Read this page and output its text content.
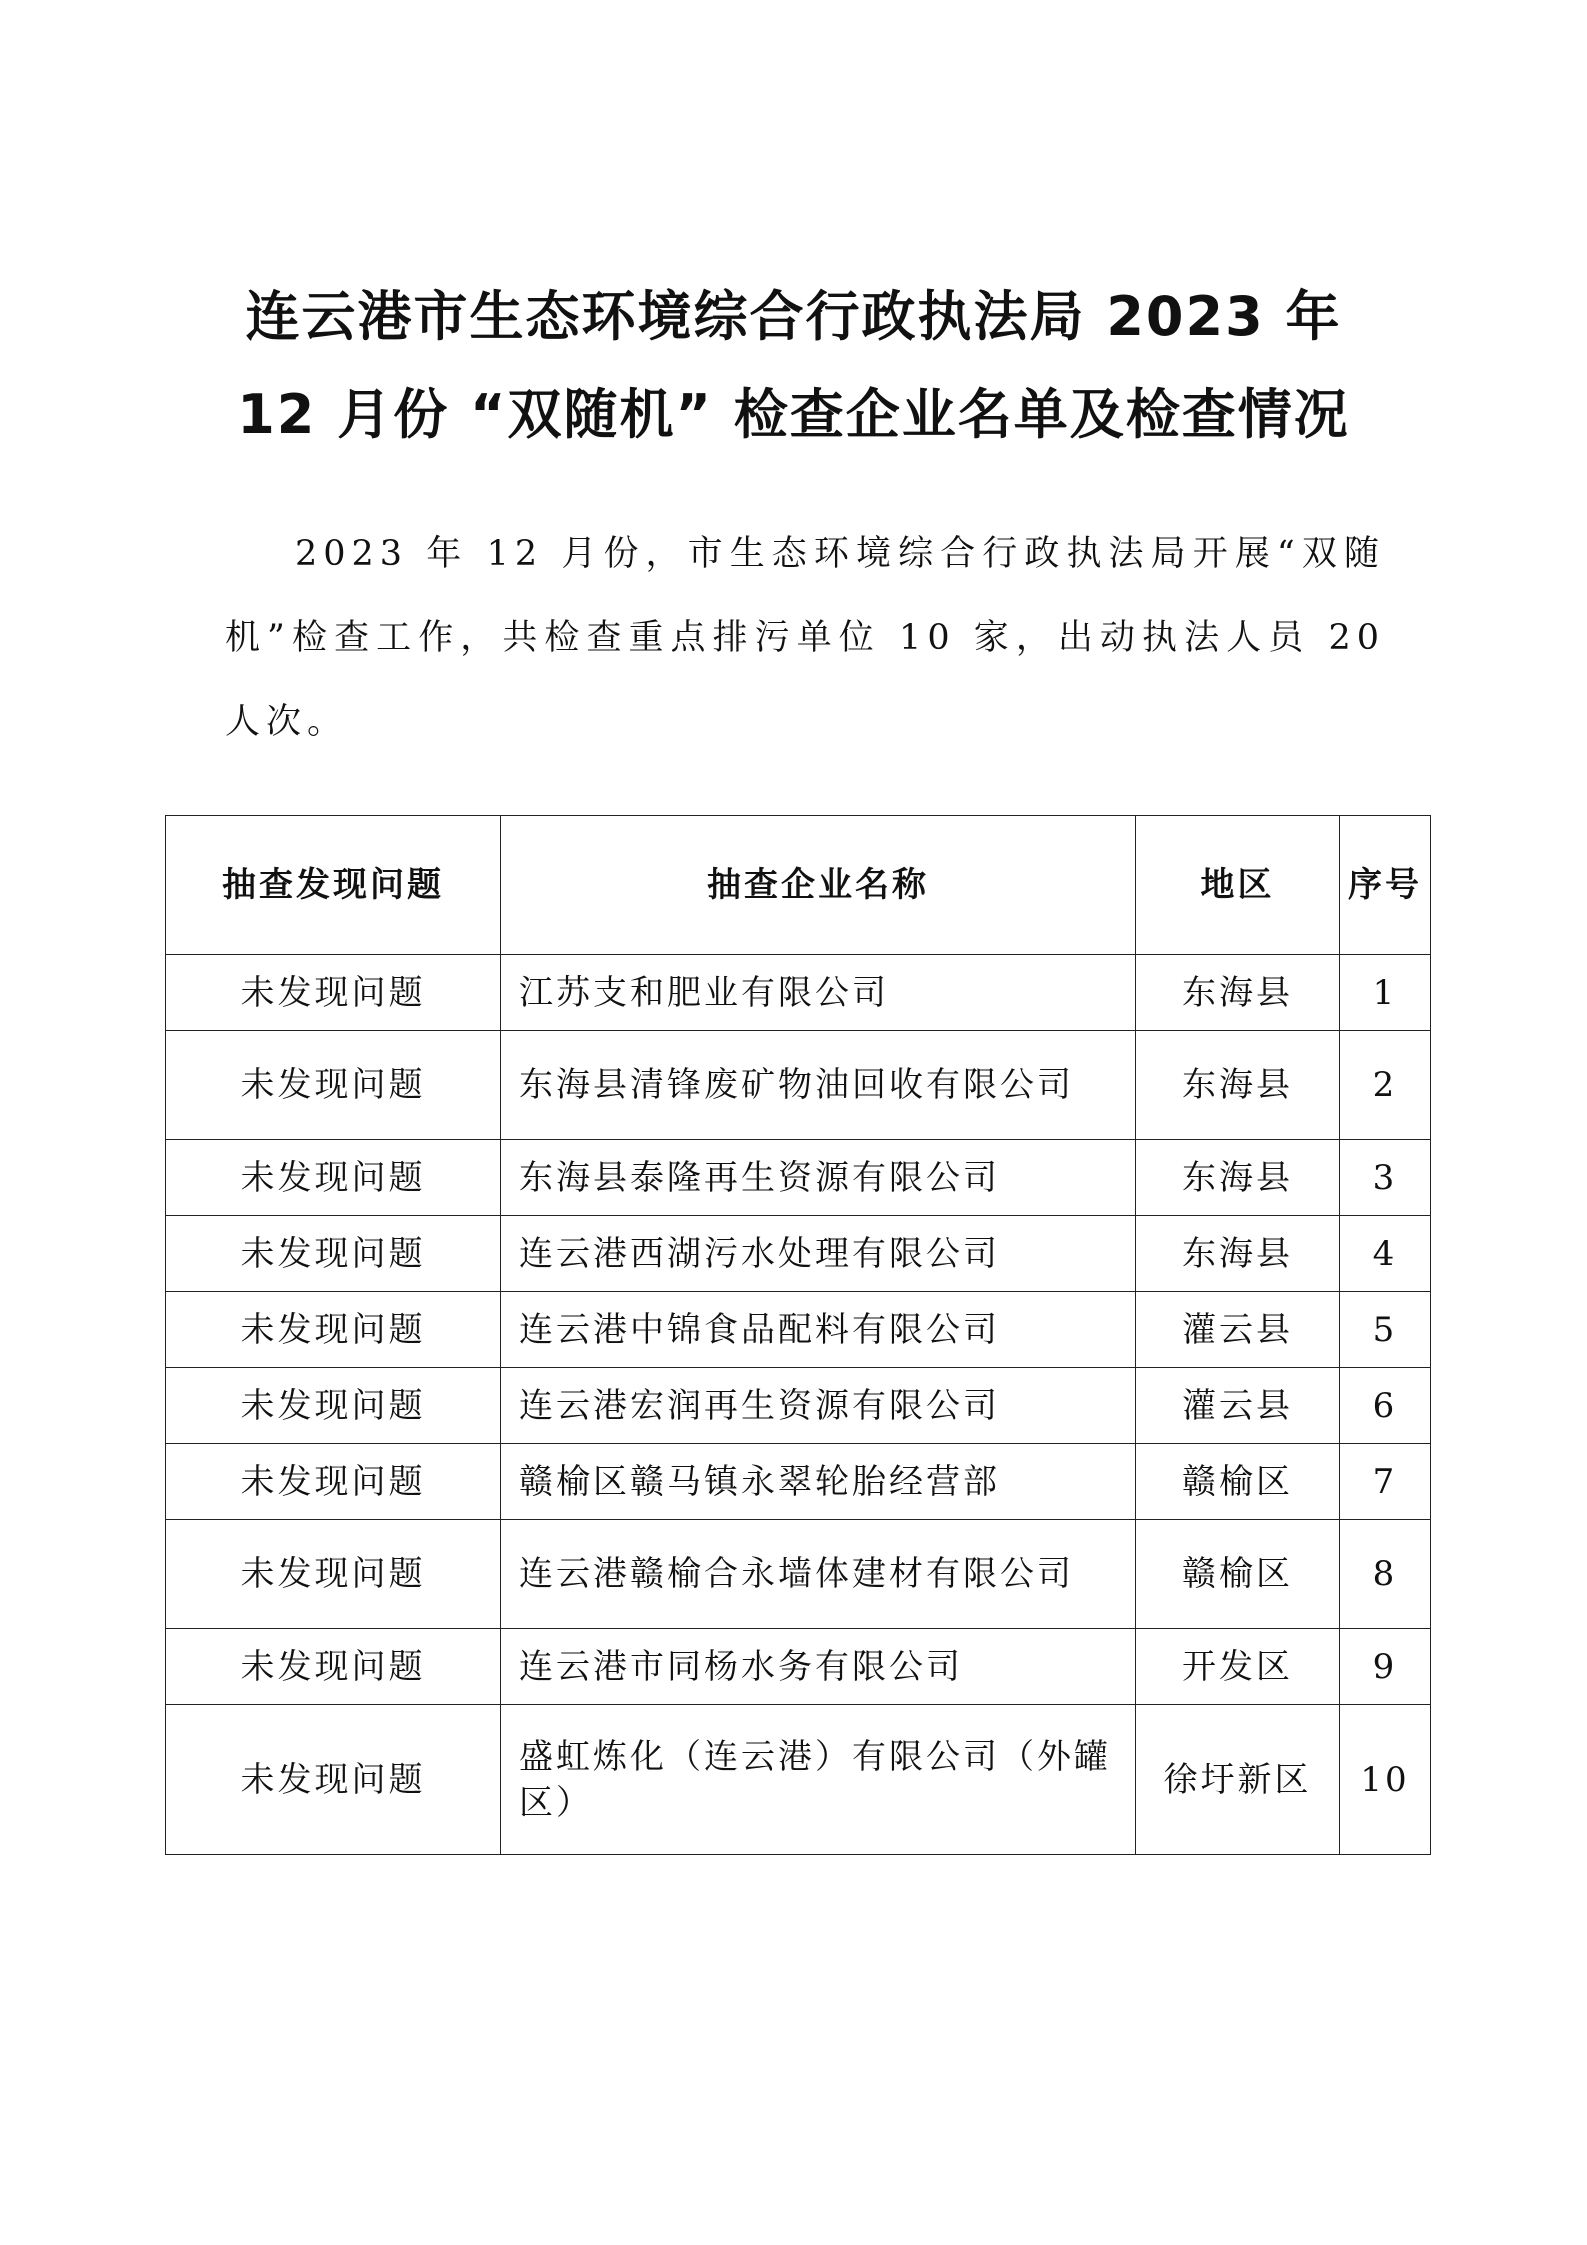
连云港市生态环境综合行政执法局 2023 年
12 月份 “双随机” 检查企业名单及检查情况

2023 年 12 月份，市生态环境综合行政执法局开展“双随机”检查工作，共检查重点排污单位 10 家，出动执法人员 20 人次。

抽查发现问题	抽查企业名称	地区	序号
未发现问题	江苏支和肥业有限公司	东海县	1
未发现问题	东海县清锋废矿物油回收有限公司	东海县	2
未发现问题	东海县泰隆再生资源有限公司	东海县	3
未发现问题	连云港西湖污水处理有限公司	东海县	4
未发现问题	连云港中锦食品配料有限公司	灌云县	5
未发现问题	连云港宏润再生资源有限公司	灌云县	6
未发现问题	赣榆区赣马镇永翠轮胎经营部	赣榆区	7
未发现问题	连云港赣榆合永墙体建材有限公司	赣榆区	8
未发现问题	连云港市同杨水务有限公司	开发区	9
未发现问题	盛虹炼化（连云港）有限公司（外罐区）	徐圩新区	10
